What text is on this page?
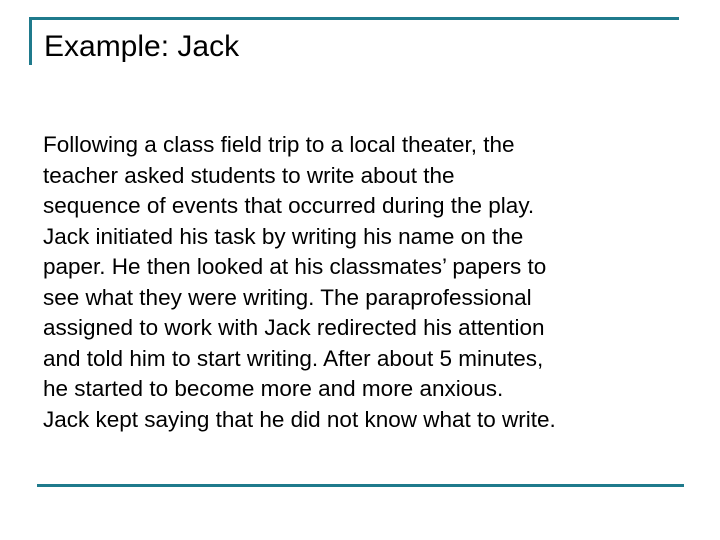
Example: Jack

Following a class field trip to a local theater, the
teacher asked students to write about the
sequence of events that occurred during the play.
Jack initiated his task by writing his name on the
paper. He then looked at his classmates’ papers to
see what they were writing. The paraprofessional
assigned to work with Jack redirected his attention
and told him to start writing. After about 5 minutes,
he started to become more and more anxious.
Jack kept saying that he did not know what to write.
